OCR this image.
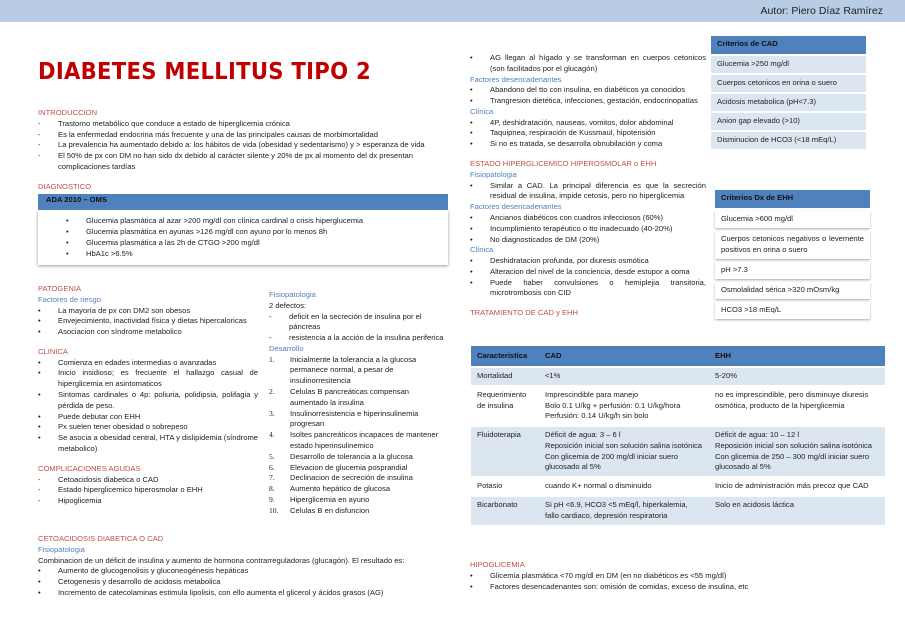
Autor: Piero Díaz Ramírez
DIABETES MELLITUS TIPO 2
INTRODUCCION
- Trastorno metabólico que conduce a estado de hiperglicemia crónica
- Es la enfermedad endocrina más frecuente y una de las principales causas de morbimortalidad
- La prevalencia ha aumentado debido a: los hábitos de vida (obesidad y sedentarismo) y > esperanza de vida
- El 50% de px con DM no han sido dx debido al carácter silente y 20% de px al momento del dx presentan complicaciones tardías
DIAGNOSTICO
ADA 2010 – OMS
• Glucemia plasmática al azar >200 mg/dl con clínica cardinal o crisis hiperglucemia
• Glucemia plasmática en ayunas >126 mg/dl con ayuno por lo menos 8h
• Glucemia plasmática a las 2h de CTGO >200 mg/dl
• HbA1c >6.5%
PATOGENIA
Factores de riesgo
• La mayoría de px con DM2 son obesos
• Envejecimiento, inactividad física y dietas hipercaloricas
• Asociacion con síndrome metabolico
CLINICA
• Comienza en edades intermedias o avanzadas
• Inicio insidioso; es frecuente el hallazgo casual de hiperglicemia en asintomaticos
• Sintomas cardinales o 4p: poliuria, polidipsia, polifagia y pérdida de peso.
• Puede debutar con EHH
• Px suelen tener obesidad o sobrepeso
• Se asocia a obesidad central, HTA y dislipidemia (síndrome metabolico)
COMPLICACIONES AGUDAS
- Cetoacidosis diabetica o CAD
- Estado hiperglicemico hiperosmolar o EHH
- Hipoglicemia
Fisiopatologia
2 defectos:
- deficit en la secreción de insulina por el páncreas
- resistencia a la acción de la insulina periferica
Desarrollo
1. Inicialmente la tolerancia a la glucosa permanece normal, a pesar de insulinorresitencia
2. Celulas B pancreáticas compensan aumentado la insulina
3. Insulinorresistencia e hiperinsulinemia progresan
4. Isoltes pancreáticos incapaces de mantener estado hiperinsulinemico
5. Desarrollo de tolerancia a la glucosa
6. Elevacion de glucemia posprandial
7. Declinacion de secreción de insulina
8. Aumento hepático de glucosa
9. Hiperglicemia en ayuno
10. Celulas B en disfuncion
CETOACIDOSIS DIABETICA O CAD
Fisiopatologia
Combinacion de un déficit de insulina y aumento de hormona contrarreguladoras (glucagón). El resultado es:
• Aumento de glucogenolisis y gluconeogénesis hepáticas
• Cetogenesis y desarrollo de acidosis metabolica
• Incremento de catecolaminas estimula lipolisis, con ello aumenta el glicerol y ácidos grasos (AG)
• AG llegan al hígado y se transforman en cuerpos cetonicos (son facilitados por el glucagón)
Factores desencadenantes
• Abandono del tto con insulina, en diabéticos ya conocidos
• Trangresion dietética, infecciones, gestación, endocrinopatías
Clínica
• 4P, deshidratación, nauseas, vomitos, dolor abdominal
• Taquipnea, respiración de Kussmaul, hipotensión
• Si no es tratada, se desarrolla obnubilación y coma
ESTADO HIPERGLICEMICO HIPEROSMOLAR o EHH
Fisiopatologia
• Similar a CAD. La principal diferencia es que la secreción residual de insulina, impide cetosis, pero no hiperglicemia
Factores desencadenantes
• Ancianos diabéticos con cuadros infecciosos (60%)
• Incumplimiento terapéutico o tto inadecuado (40-20%)
• No diagnosticados de DM (20%)
Clínica
• Deshidratacion profunda, por diuresis osmótica
• Alteracion del nivel de la conciencia, desde estupor a coma
• Puede haber convulsiones o hemiplejia transitoria, microtrombosis con CID
TRATAMIENTO DE CAD y EHH
Criterios de CAD
Glucemia >250 mg/dl
Cuerpos cetonicos en orina o suero
Acidosis metabolica (pH<7.3)
Anion gap elevado (>10)
Disminucion de HCO3 (<18 mEq/L)
Criterios Dx de EHH
Glucemia >600 mg/dl
Cuerpos cetonicos negativos o levemente positivos en orina o suero
pH >7.3
Osmolalidad sérica >320 mOsm/kg
HCO3 >18 mEq/L
Caracteristica	CAD	EHH
Mortalidad	<1%	5-20%
Requerimiento de insulina	Imprescindible para manejo
Bolo 0.1 U/kg + perfusión: 0.1 U/kg/hora
Perfusión: 0.14 U/kg/h sin bolo	no es imprescindible, pero disminuye diuresis osmótica, producto de la hiperglicemia
Fluidoterapia	Déficit de agua: 3 – 6 l
Reposición inicial son solución salina isotónica
Con glicemia de 200 mg/dl iniciar suero glucosado al 5%	Déficit de agua: 10 – 12 l
Reposición inicial son solución salina isotónica
Con glicemia de 250 – 300 mg/dl iniciar suero glucosado al 5%
Potasio	cuando K+ normal o disminuido	Inicio de administración más precoz que CAD
Bicarbonato	Si pH <6.9, HCO3 <5 mEq/l, hiperkalemia, fallo cardiaco, depresión respiratoria	Solo en acidosis láctica
HIPOGLICEMIA
• Glicemia plasmática <70 mg/dl en DM (en no diabéticos es <55 mg/dl)
• Factores desencadenantes son: omisión de comidas, exceso de insulina, etc
